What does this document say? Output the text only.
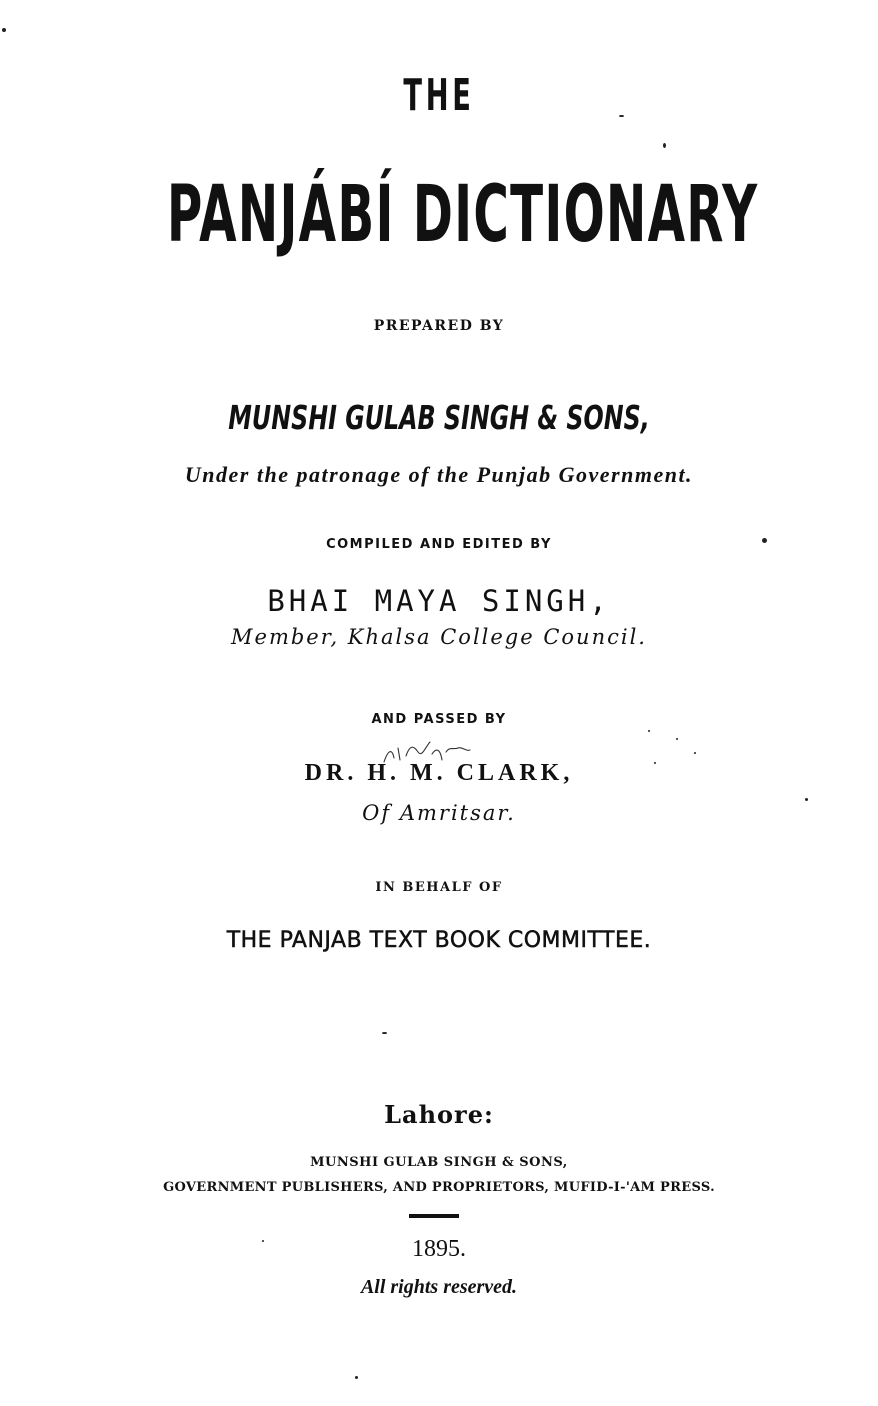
THE
PANJÁBÍ DICTIONARY
PREPARED BY
MUNSHI GULAB SINGH & SONS,
Under the patronage of the Punjab Government.
COMPILED AND EDITED BY
BHAI MAYA SINGH,
Member, Khalsa College Council.
AND PASSED BY
DR. H. M. CLARK,
Of Amritsar.
IN BEHALF OF
THE PANJAB TEXT BOOK COMMITTEE.
Lahore:
MUNSHI GULAB SINGH & SONS,
GOVERNMENT PUBLISHERS, AND PROPRIETORS, MUFID-I-'AM PRESS.
1895.
All rights reserved.
